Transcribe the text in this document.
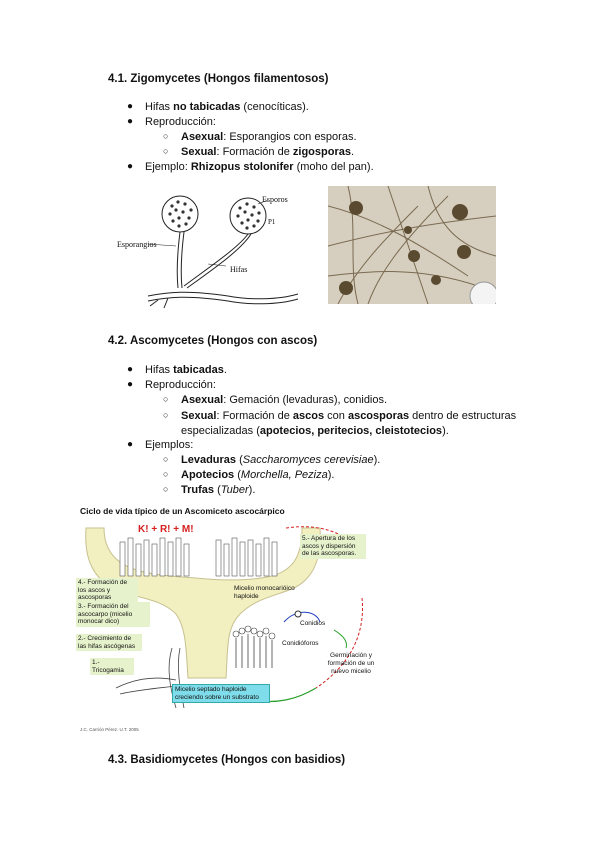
4.1. Zigomycetes (Hongos filamentosos)
● Hifas no tabicadas (cenocíticas).
● Reproducción:
○ Asexual: Esporangios con esporas.
○ Sexual: Formación de zigosporas.
● Ejemplo: Rhizopus stolonifer (moho del pan).
Esporos
P1
Esporangios
Hifas
4.2. Ascomycetes (Hongos con ascos)
● Hifas tabicadas.
● Reproducción:
○ Asexual: Gemación (levaduras), conidios.
○ Sexual: Formación de ascos con ascosporas dentro de estructuras
especializadas (apotecios, peritecios, cleistotecios).
● Ejemplos:
○ Levaduras (Saccharomyces cerevisiae).
○ Apotecios (Morchella, Peziza).
○ Trufas (Tuber).
Ciclo de vida típico de un Ascomiceto ascocárpico
K! + R! + M!
5.- Apertura de los ascos y dispersión de las ascosporas.
4.- Formación de los ascos y ascosporas
3.- Formación del ascocarpo (micelio monocar dico)
2.- Crecimiento de las hifas ascógenas
1.- Tricogamia
Micelio monocarióico haploide
Conidios
Conidióforos
Germinación y formación de un nuevo micelio
Micelio septado haploide creciendo sobre un substrato
J.C. Carrión Pérez. U.T. 2005
4.3. Basidiomycetes (Hongos con basidios)
